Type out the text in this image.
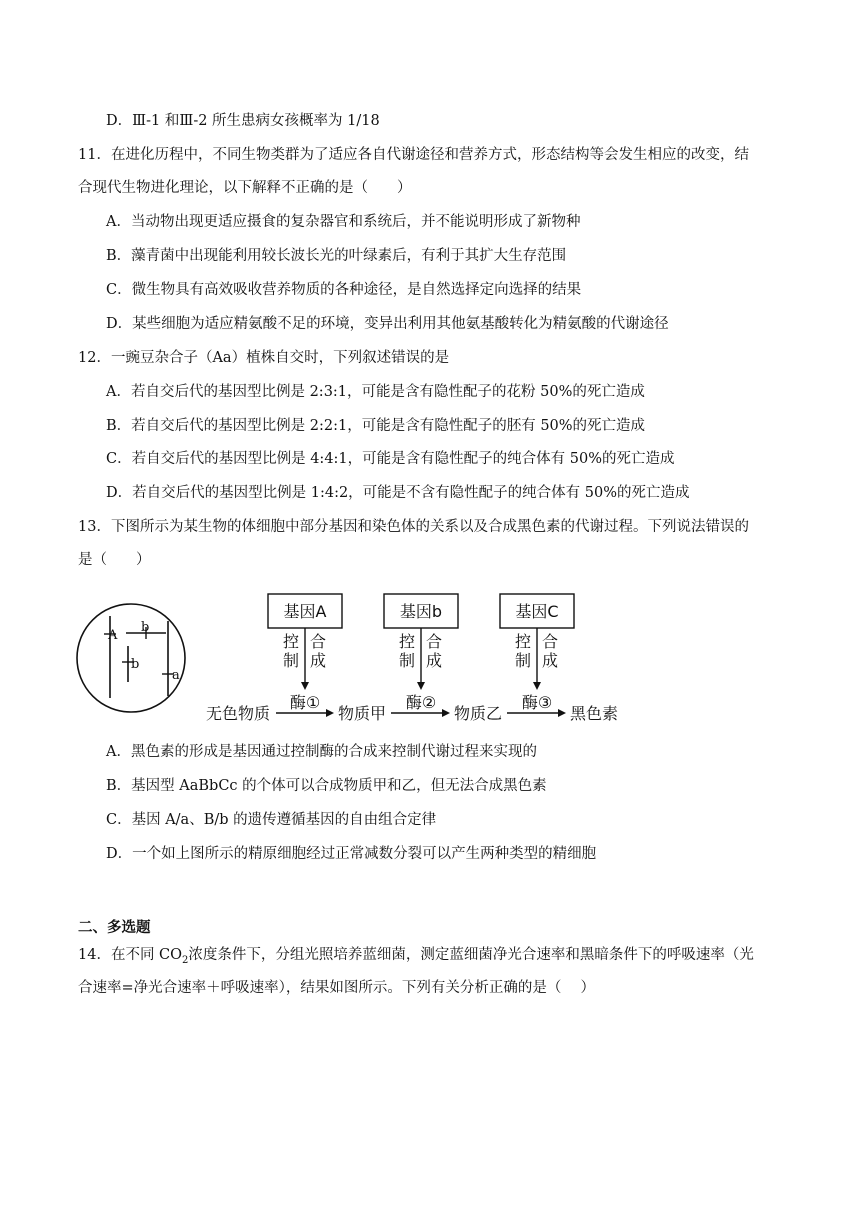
D．Ⅲ-1 和Ⅲ-2 所生患病女孩概率为 1/18
11．在进化历程中，不同生物类群为了适应各自代谢途径和营养方式，形态结构等会发生相应的改变，结
合现代生物进化理论，以下解释不正确的是（　　）
A．当动物出现更适应摄食的复杂器官和系统后，并不能说明形成了新物种
B．藻青菌中出现能利用较长波长光的叶绿素后，有利于其扩大生存范围
C．微生物具有高效吸收营养物质的各种途径，是自然选择定向选择的结果
D．某些细胞为适应精氨酸不足的环境，变异出利用其他氨基酸转化为精氨酸的代谢途径
12．一豌豆杂合子（Aa）植株自交时，下列叙述错误的是
A．若自交后代的基因型比例是 2:3:1，可能是含有隐性配子的花粉 50%的死亡造成
B．若自交后代的基因型比例是 2:2:1，可能是含有隐性配子的胚有 50%的死亡造成
C．若自交后代的基因型比例是 4:4:1，可能是含有隐性配子的纯合体有 50%的死亡造成
D．若自交后代的基因型比例是 1:4:2，可能是不含有隐性配子的纯合体有 50%的死亡造成
13．下图所示为某生物的体细胞中部分基因和染色体的关系以及合成黑色素的代谢过程。下列说法错误的
是（　　）
A
b
b
a
基因A	基因b	基因C
控
制
合
成
控
制
合
成
控
制
合
成
酶①	酶②	酶③
无色物质	物质甲	物质乙	黑色素
A．黑色素的形成是基因通过控制酶的合成来控制代谢过程来实现的
B．基因型 AaBbCc 的个体可以合成物质甲和乙，但无法合成黑色素
C．基因 A/a、B/b 的遗传遵循基因的自由组合定律
D．一个如上图所示的精原细胞经过正常减数分裂可以产生两种类型的精细胞
二、多选题
14．在不同 $CO_2$浓度条件下，分组光照培养蓝细菌，测定蓝细菌净光合速率和黑暗条件下的呼吸速率（光
合速率=净光合速率＋呼吸速率），结果如图所示。下列有关分析正确的是（　 ）
